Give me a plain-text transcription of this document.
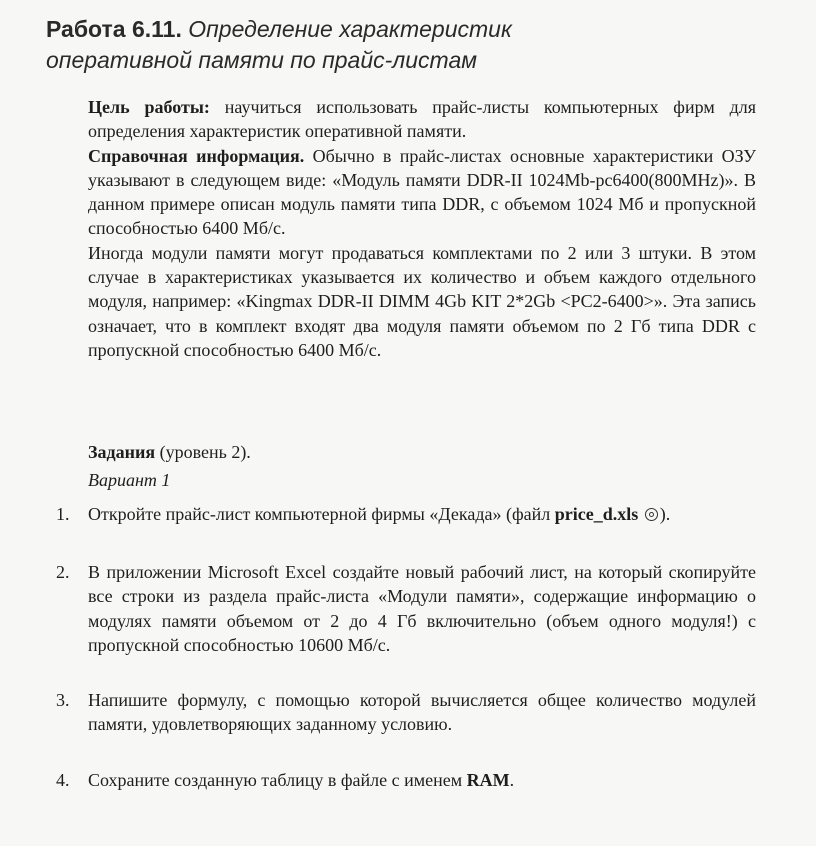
Работа 6.11. Определение характеристик
оперативной памяти по прайс-листам

Цель работы: научиться использовать прайс-листы компьютерных фирм для определения характеристик оперативной памяти.

Справочная информация. Обычно в прайс-листах основные характеристики ОЗУ указывают в следующем виде: «Модуль памяти DDR-II 1024Mb-pc6400(800MHz)». В данном примере описан модуль памяти типа DDR, с объемом 1024 Мб и пропускной способностью 6400 Мб/с.

Иногда модули памяти могут продаваться комплектами по 2 или 3 штуки. В этом случае в характеристиках указывается их количество и объем каждого отдельного модуля, например: «Kingmax DDR-II DIMM 4Gb KIT 2*2Gb <PC2-6400>». Эта запись означает, что в комплект входят два модуля памяти объемом по 2 Гб типа DDR с пропускной способностью 6400 Мб/с.

Задания (уровень 2).
Вариант 1
1.	Откройте прайс-лист компьютерной фирмы «Декада» (файл price_d.xls ).
2.	В приложении Microsoft Excel создайте новый рабочий лист, на который скопируйте все строки из раздела прайс-листа «Модули памяти», содержащие информацию о модулях памяти объемом от 2 до 4 Гб включительно (объем одного модуля!) с пропускной способностью 10600 Мб/с.
3.	Напишите формулу, с помощью которой вычисляется общее количество модулей памяти, удовлетворяющих заданному условию.
4.	Сохраните созданную таблицу в файле с именем RAM.
